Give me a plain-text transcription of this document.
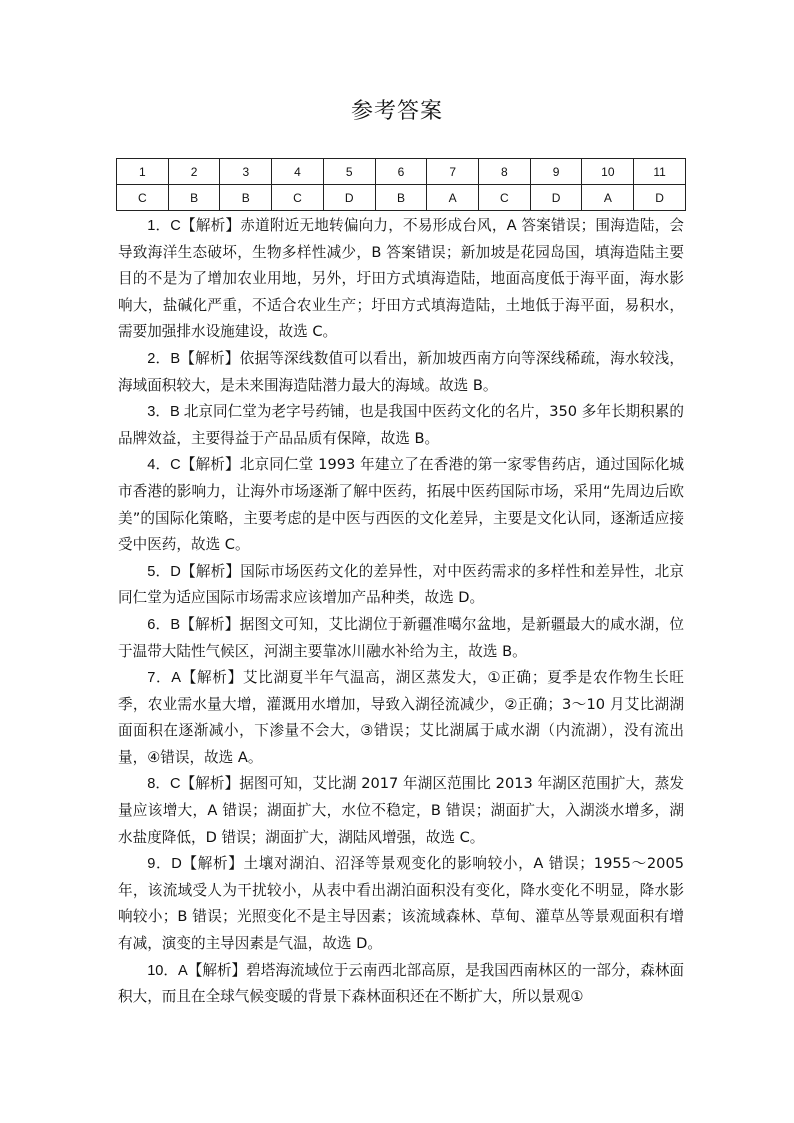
参考答案
1	2	3	4	5	6	7	8	9	10	11
C	B	B	C	D	B	A	C	D	A	D

1．C【解析】赤道附近无地转偏向力，不易形成台风，A 答案错误；围海造陆，会导致海洋生态破坏，生物多样性减少，B 答案错误；新加坡是花园岛国，填海造陆主要目的不是为了增加农业用地，另外，圩田方式填海造陆，地面高度低于海平面，海水影响大，盐碱化严重，不适合农业生产；圩田方式填海造陆，土地低于海平面，易积水，需要加强排水设施建设，故选 C。

2．B【解析】依据等深线数值可以看出，新加坡西南方向等深线稀疏，海水较浅，海域面积较大，是未来围海造陆潜力最大的海域。故选 B。

3．B 北京同仁堂为老字号药铺，也是我国中医药文化的名片，350 多年长期积累的品牌效益，主要得益于产品品质有保障，故选 B。

4．C【解析】北京同仁堂 1993 年建立了在香港的第一家零售药店，通过国际化城市香港的影响力，让海外市场逐渐了解中医药，拓展中医药国际市场，采用“先周边后欧美”的国际化策略，主要考虑的是中医与西医的文化差异，主要是文化认同，逐渐适应接受中医药，故选 C。

5．D【解析】国际市场医药文化的差异性，对中医药需求的多样性和差异性，北京同仁堂为适应国际市场需求应该增加产品种类，故选 D。

6．B【解析】据图文可知，艾比湖位于新疆准噶尔盆地，是新疆最大的咸水湖，位于温带大陆性气候区，河湖主要靠冰川融水补给为主，故选 B。

7．A【解析】艾比湖夏半年气温高，湖区蒸发大，①正确；夏季是农作物生长旺季，农业需水量大增，灌溉用水增加，导致入湖径流减少，②正确；3～10 月艾比湖湖面面积在逐渐减小，下渗量不会大，③错误；艾比湖属于咸水湖（内流湖），没有流出量，④错误，故选 A。

8．C【解析】据图可知，艾比湖 2017 年湖区范围比 2013 年湖区范围扩大，蒸发量应该增大，A 错误；湖面扩大，水位不稳定，B 错误；湖面扩大，入湖淡水增多，湖水盐度降低，D 错误；湖面扩大，湖陆风增强，故选 C。

9．D【解析】土壤对湖泊、沼泽等景观变化的影响较小，A 错误；1955～2005 年，该流域受人为干扰较小，从表中看出湖泊面积没有变化，降水变化不明显，降水影响较小；B 错误；光照变化不是主导因素；该流域森林、草甸、灌草丛等景观面积有增有减，演变的主导因素是气温，故选 D。

10．A【解析】碧塔海流域位于云南西北部高原，是我国西南林区的一部分，森林面积大，而且在全球气候变暖的背景下森林面积还在不断扩大，所以景观①
